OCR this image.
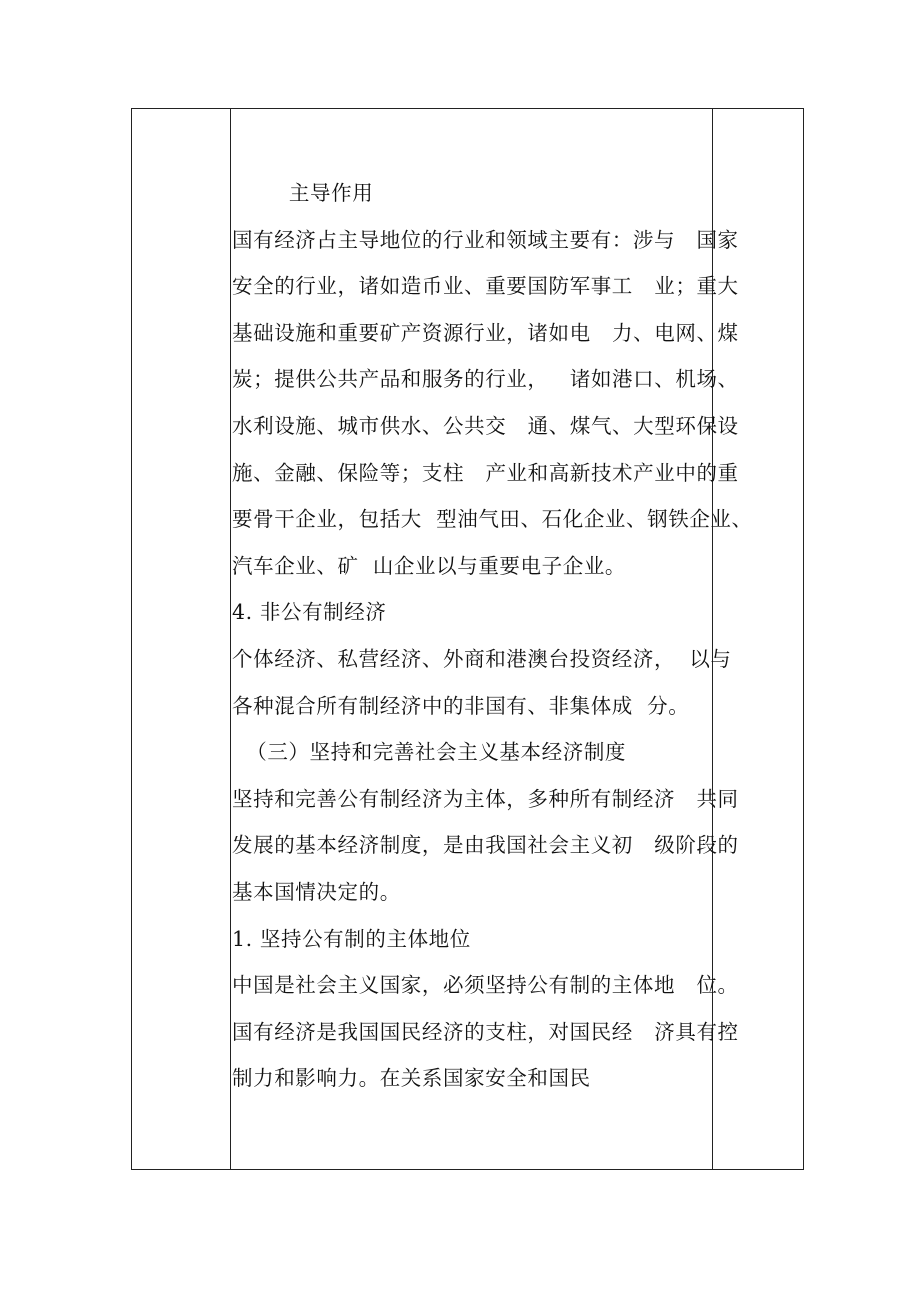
主导作用
国有经济占主导地位的行业和领域主要有：涉与   国家
安全的行业，诸如造币业、重要国防军事工   业；重大
基础设施和重要矿产资源行业，诸如电   力、电网、煤
炭；提供公共产品和服务的行业，   诸如港口、机场、
水利设施、城市供水、公共交   通、煤气、大型环保设
施、金融、保险等；支柱   产业和高新技术产业中的重
要骨干企业，包括大  型油气田、石化企业、钢铁企业、
汽车企业、矿  山企业以与重要电子企业。
4. 非公有制经济
个体经济、私营经济、外商和港澳台投资经济，  以与
各种混合所有制经济中的非国有、非集体成  分。
（三）坚持和完善社会主义基本经济制度
坚持和完善公有制经济为主体，多种所有制经济   共同
发展的基本经济制度，是由我国社会主义初   级阶段的
基本国情决定的。
1. 坚持公有制的主体地位
中国是社会主义国家，必须坚持公有制的主体地   位。
国有经济是我国国民经济的支柱，对国民经   济具有控
制力和影响力。在关系国家安全和国民
